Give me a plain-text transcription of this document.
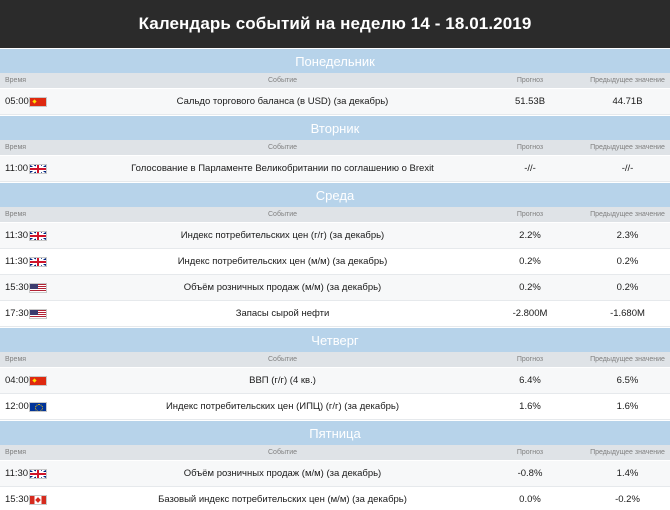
Календарь событий на неделю 14 - 18.01.2019
Понедельник
Время	Событие	Прогноз	Предыдущее значение
05:00	Сальдо торгового баланса (в USD) (за декабрь)	51.53B	44.71B
Вторник
Время	Событие	Прогноз	Предыдущее значение
11:00	Голосование в Парламенте Великобритании по соглашению о Brexit	-//-	-//-
Среда
Время	Событие	Прогноз	Предыдущее значение
11:30	Индекс потребительских цен (г/г) (за декабрь)	2.2%	2.3%
11:30	Индекс потребительских цен (м/м) (за декабрь)	0.2%	0.2%
15:30	Объём розничных продаж (м/м) (за декабрь)	0.2%	0.2%
17:30	Запасы сырой нефти	-2.800M	-1.680M
Четверг
Время	Событие	Прогноз	Предыдущее значение
04:00	ВВП (г/г) (4 кв.)	6.4%	6.5%
12:00	Индекс потребительских цен (ИПЦ) (г/г) (за декабрь)	1.6%	1.6%
Пятница
Время	Событие	Прогноз	Предыдущее значение
11:30	Объём розничных продаж (м/м) (за декабрь)	-0.8%	1.4%
15:30	Базовый индекс потребительских цен (м/м) (за декабрь)	0.0%	-0.2%
